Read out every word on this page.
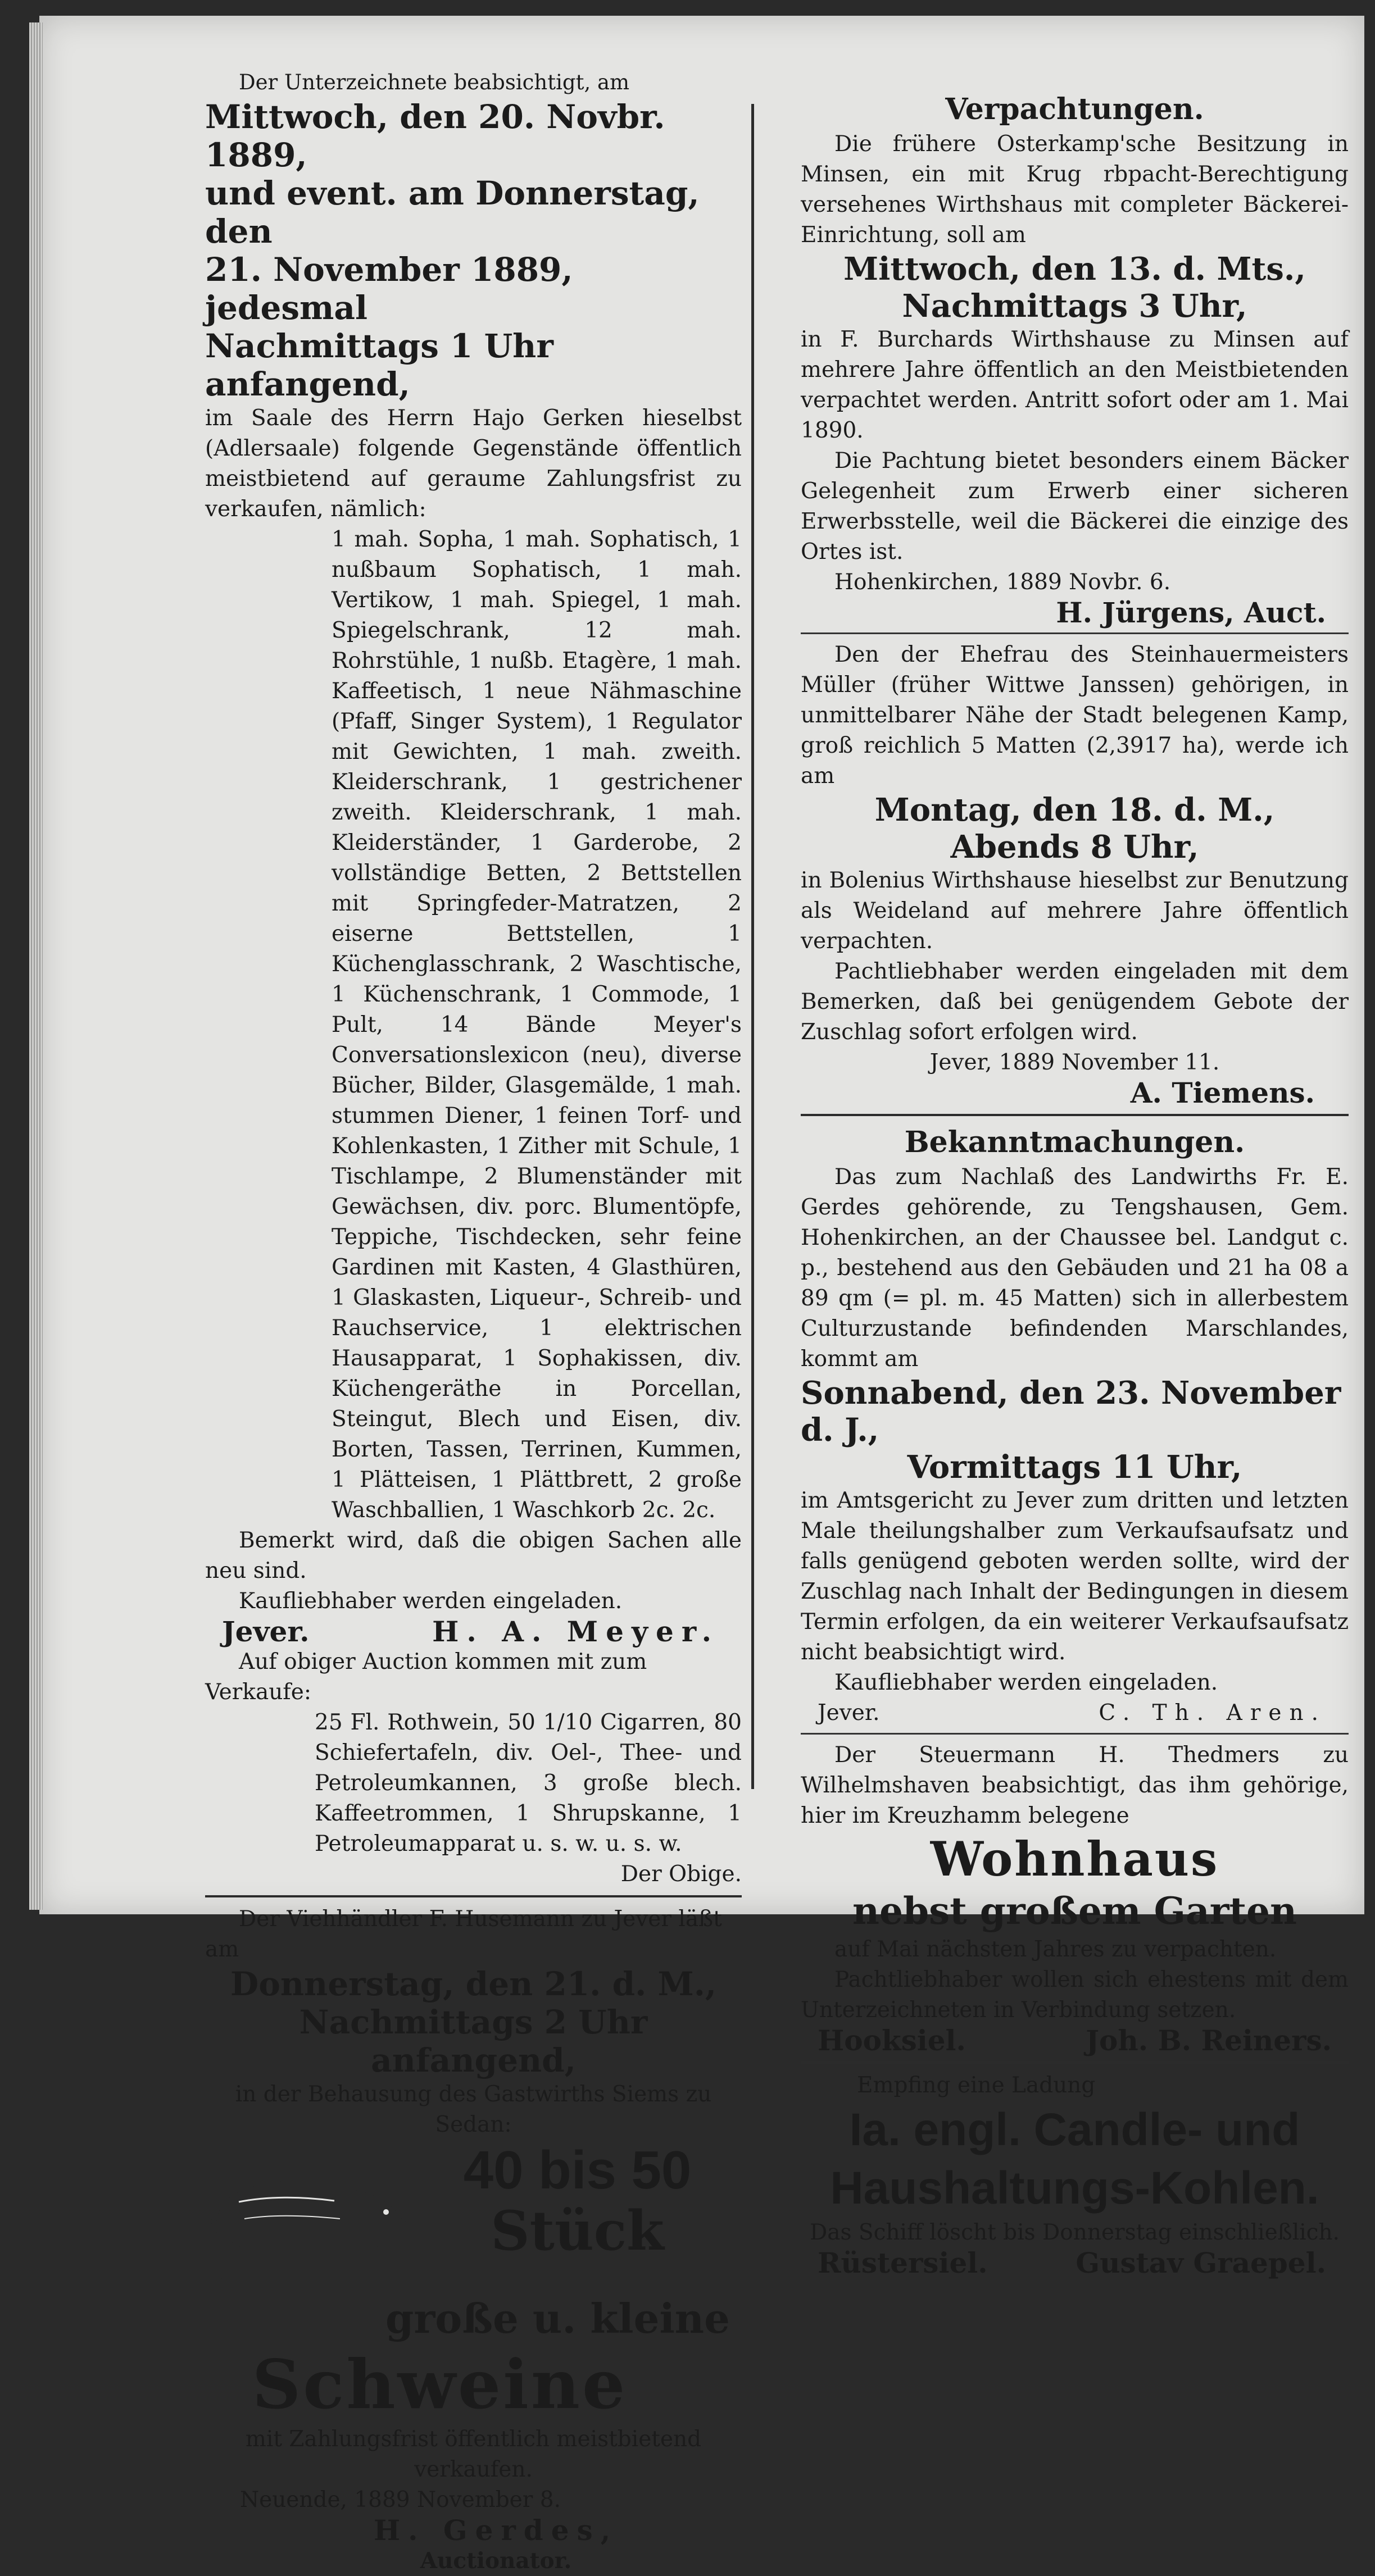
Der Unterzeichnete beabsichtigt, am

Mittwoch, den 20. Novbr. 1889,

und event. am Donnerstag, den

21. November 1889, jedesmal

Nachmittags 1 Uhr anfangend,

im Saale des Herrn Hajo Gerken hieselbst (Adlersaale) folgende Gegenstände öffentlich meistbietend auf geraume Zahlungsfrist zu verkaufen, nämlich:

1 mah. Sopha, 1 mah. Sophatisch, 1 nußbaum Sophatisch, 1 mah. Vertikow, 1 mah. Spiegel, 1 mah. Spiegelschrank, 12 mah. Rohrstühle, 1 nußb. Etagère, 1 mah. Kaffeetisch, 1 neue Nähmaschine (Pfaff, Singer System), 1 Regulator mit Gewichten, 1 mah. zweith. Kleiderschrank, 1 gestrichener zweith. Kleiderschrank, 1 mah. Kleiderständer, 1 Garderobe, 2 vollständige Betten, 2 Bettstellen mit Springfeder-Matratzen, 2 eiserne Bettstellen, 1 Küchenglasschrank, 2 Waschtische, 1 Küchenschrank, 1 Commode, 1 Pult, 14 Bände Meyer's Conversationslexicon (neu), diverse Bücher, Bilder, Glasgemälde, 1 mah. stummen Diener, 1 feinen Torf- und Kohlenkasten, 1 Zither mit Schule, 1 Tischlampe, 2 Blumenständer mit Gewächsen, div. porc. Blumentöpfe, Teppiche, Tischdecken, sehr feine Gardinen mit Kasten, 4 Glasthüren, 1 Glaskasten, Liqueur-, Schreib- und Rauchservice, 1 elektrischen Hausapparat, 1 Sophakissen, div. Küchengeräthe in Porcellan, Steingut, Blech und Eisen, div. Borten, Tassen, Terrinen, Kummen, 1 Plätteisen, 1 Plättbrett, 2 große Waschballien, 1 Waschkorb 2c. 2c.

Bemerkt wird, daß die obigen Sachen alle neu sind.

Kaufliebhaber werden eingeladen.

Jever.	H. A. Meyer.

Auf obiger Auction kommen mit zum Verkaufe:

25 Fl. Rothwein, 50 1/10 Cigarren, 80 Schiefertafeln, div. Oel-, Thee- und Petroleumkannen, 3 große blech. Kaffeetrommen, 1 Shrupskanne, 1 Petroleumapparat u. s. w. u. s. w.

Der Obige.

Der Viehhändler F. Husemann zu Jever läßt am

Donnerstag, den 21. d. M.,

Nachmittags 2 Uhr anfangend,

in der Behausung des Gastwirths Siems zu Sedan:

40 bis 50
Stück

große u. kleine

Schweine

mit Zahlungsfrist öffentlich meistbietend verkaufen.

Neuende, 1889 November 8.

H. Gerdes,

Auctionator.

Verpachtungen.

Die frühere Osterkamp'sche Besitzung in Minsen, ein mit Krug rbpacht-Berechtigung versehenes Wirthshaus mit completer Bäckerei-Einrichtung, soll am

Mittwoch, den 13. d. Mts.,

Nachmittags 3 Uhr,

in F. Burchards Wirthshause zu Minsen auf mehrere Jahre öffentlich an den Meistbietenden verpachtet werden. Antritt sofort oder am 1. Mai 1890.

Die Pachtung bietet besonders einem Bäcker Gelegenheit zum Erwerb einer sicheren Erwerbsstelle, weil die Bäckerei die einzige des Ortes ist.

Hohenkirchen, 1889 Novbr. 6.

H. Jürgens, Auct.

Den der Ehefrau des Steinhauermeisters Müller (früher Wittwe Janssen) gehörigen, in unmittelbarer Nähe der Stadt belegenen Kamp, groß reichlich 5 Matten (2,3917 ha), werde ich am

Montag, den 18. d. M.,

Abends 8 Uhr,

in Bolenius Wirthshause hieselbst zur Benutzung als Weideland auf mehrere Jahre öffentlich verpachten.

Pachtliebhaber werden eingeladen mit dem Bemerken, daß bei genügendem Gebote der Zuschlag sofort erfolgen wird.

Jever, 1889 November 11.

A. Tiemens.

Bekanntmachungen.

Das zum Nachlaß des Landwirths Fr. E. Gerdes gehörende, zu Tengshausen, Gem. Hohenkirchen, an der Chaussee bel. Landgut c. p., bestehend aus den Gebäuden und 21 ha 08 a 89 qm (= pl. m. 45 Matten) sich in allerbestem Culturzustande befindenden Marschlandes, kommt am

Sonnabend, den 23. November d. J.,

Vormittags 11 Uhr,

im Amtsgericht zu Jever zum dritten und letzten Male theilungshalber zum Verkaufsaufsatz und falls genügend geboten werden sollte, wird der Zuschlag nach Inhalt der Bedingungen in diesem Termin erfolgen, da ein weiterer Verkaufsaufsatz nicht beabsichtigt wird.

Kaufliebhaber werden eingeladen.

Jever.	C. Th. Aren.

Der Steuermann H. Thedmers zu Wilhelmshaven beabsichtigt, das ihm gehörige, hier im Kreuzhamm belegene

Wohnhaus

nebst großem Garten

auf Mai nächsten Jahres zu verpachten.

Pachtliebhaber wollen sich ehestens mit dem Unterzeichneten in Verbindung setzen.

Hooksiel.	Joh. B. Reiners.

Empfing eine Ladung

Ia. engl. Candle- und

Haushaltungs-Kohlen.

Das Schiff löscht bis Donnerstag einschließlich.

Rüstersiel.	Gustav Graepel.
